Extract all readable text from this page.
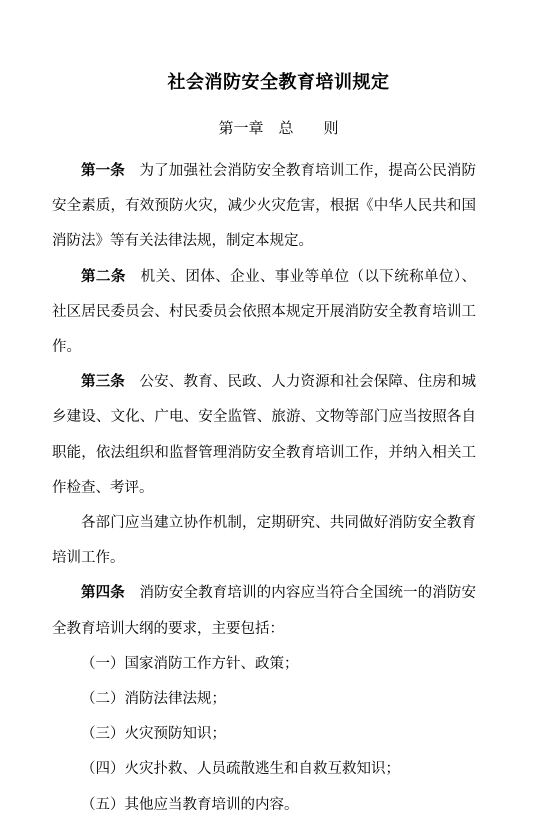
社会消防安全教育培训规定
第一章　总　　则

第一条　为了加强社会消防安全教育培训工作，提高公民消防安全素质，有效预防火灾，减少火灾危害，根据《中华人民共和国消防法》等有关法律法规，制定本规定。

第二条　机关、团体、企业、事业等单位（以下统称单位）、社区居民委员会、村民委员会依照本规定开展消防安全教育培训工作。

第三条　公安、教育、民政、人力资源和社会保障、住房和城乡建设、文化、广电、安全监管、旅游、文物等部门应当按照各自职能，依法组织和监督管理消防安全教育培训工作，并纳入相关工作检查、考评。

各部门应当建立协作机制，定期研究、共同做好消防安全教育培训工作。

第四条　消防安全教育培训的内容应当符合全国统一的消防安全教育培训大纲的要求，主要包括：

（一）国家消防工作方针、政策；

（二）消防法律法规；

（三）火灾预防知识；

（四）火灾扑救、人员疏散逃生和自救互救知识；

（五）其他应当教育培训的内容。
